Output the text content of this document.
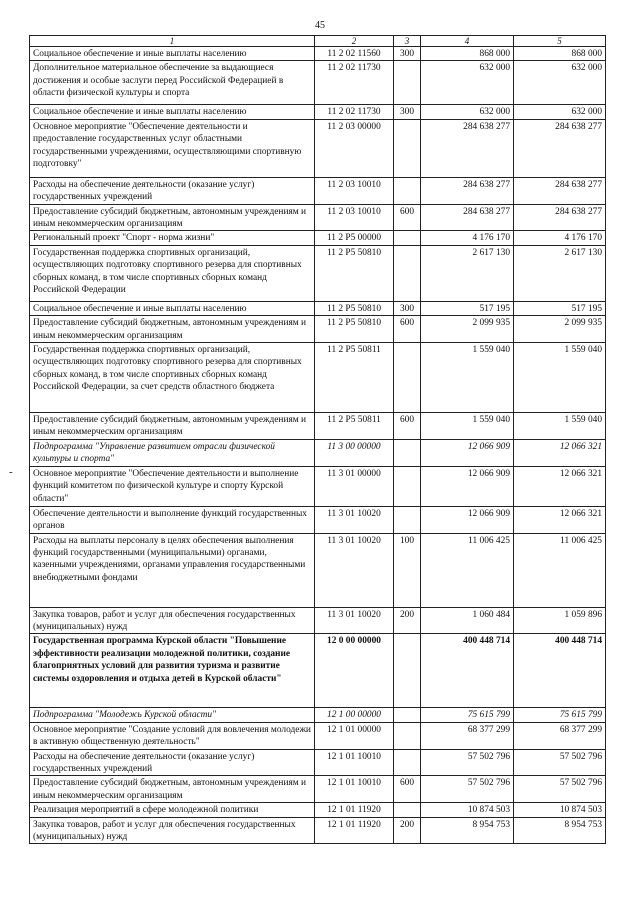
45
1	2	3	4	5
Социальное обеспечение и иные выплаты населению	11 2 02 11560	300	868 000	868 000
Дополнительное материальное обеспечение за выдающиеся достижения и особые заслуги перед Российской Федерацией в области физической культуры и спорта	11 2 02 11730		632 000	632 000
Социальное обеспечение и иные выплаты населению	11 2 02 11730	300	632 000	632 000
Основное мероприятие "Обеспечение деятельности и предоставление государственных услуг областными государственными учреждениями, осуществляющими спортивную подготовку"	11 2 03 00000		284 638 277	284 638 277
Расходы на обеспечение деятельности (оказание услуг) государственных учреждений	11 2 03 10010		284 638 277	284 638 277
Предоставление субсидий бюджетным, автономным учреждениям и иным некоммерческим организациям	11 2 03 10010	600	284 638 277	284 638 277
Региональный проект "Спорт - норма жизни"	11 2 P5 00000		4 176 170	4 176 170
Государственная поддержка спортивных организаций, осуществляющих подготовку спортивного резерва для спортивных сборных команд, в том числе спортивных сборных команд Российской Федерации	11 2 P5 50810		2 617 130	2 617 130
Социальное обеспечение и иные выплаты населению	11 2 P5 50810	300	517 195	517 195
Предоставление субсидий бюджетным, автономным учреждениям и иным некоммерческим организациям	11 2 P5 50810	600	2 099 935	2 099 935
Государственная поддержка спортивных организаций, осуществляющих подготовку спортивного резерва для спортивных сборных команд, в том числе спортивных сборных команд Российской Федерации, за счет средств областного бюджета	11 2 P5 50811		1 559 040	1 559 040
Предоставление субсидий бюджетным, автономным учреждениям и иным некоммерческим организациям	11 2 P5 50811	600	1 559 040	1 559 040
Подпрограмма "Управление развитием отрасли физической культуры и спорта"	11 3 00 00000		12 066 909	12 066 321
Основное мероприятие "Обеспечение деятельности и выполнение функций комитетом по физической культуре и спорту Курской области"	11 3 01 00000		12 066 909	12 066 321
Обеспечение деятельности и выполнение функций государственных органов	11 3 01 10020		12 066 909	12 066 321
Расходы на выплаты персоналу в целях обеспечения выполнения функций государственными (муниципальными) органами, казенными учреждениями, органами управления государственными внебюджетными фондами	11 3 01 10020	100	11 006 425	11 006 425
Закупка товаров, работ и услуг для обеспечения государственных (муниципальных) нужд	11 3 01 10020	200	1 060 484	1 059 896
Государственная программа Курской области "Повышение эффективности реализации молодежной политики, создание благоприятных условий для развития туризма и развитие системы оздоровления и отдыха детей в Курской области"	12 0 00 00000		400 448 714	400 448 714
Подпрограмма "Молодежь Курской области"	12 1 00 00000		75 615 799	75 615 799
Основное мероприятие "Создание условий для вовлечения молодежи в активную общественную деятельность"	12 1 01 00000		68 377 299	68 377 299
Расходы на обеспечение деятельности (оказание услуг) государственных учреждений	12 1 01 10010		57 502 796	57 502 796
Предоставление субсидий бюджетным, автономным учреждениям и иным некоммерческим организациям	12 1 01 10010	600	57 502 796	57 502 796
Реализация мероприятий в сфере молодежной политики	12 1 01 11920		10 874 503	10 874 503
Закупка товаров, работ и услуг для обеспечения государственных (муниципальных) нужд	12 1 01 11920	200	8 954 753	8 954 753
-
